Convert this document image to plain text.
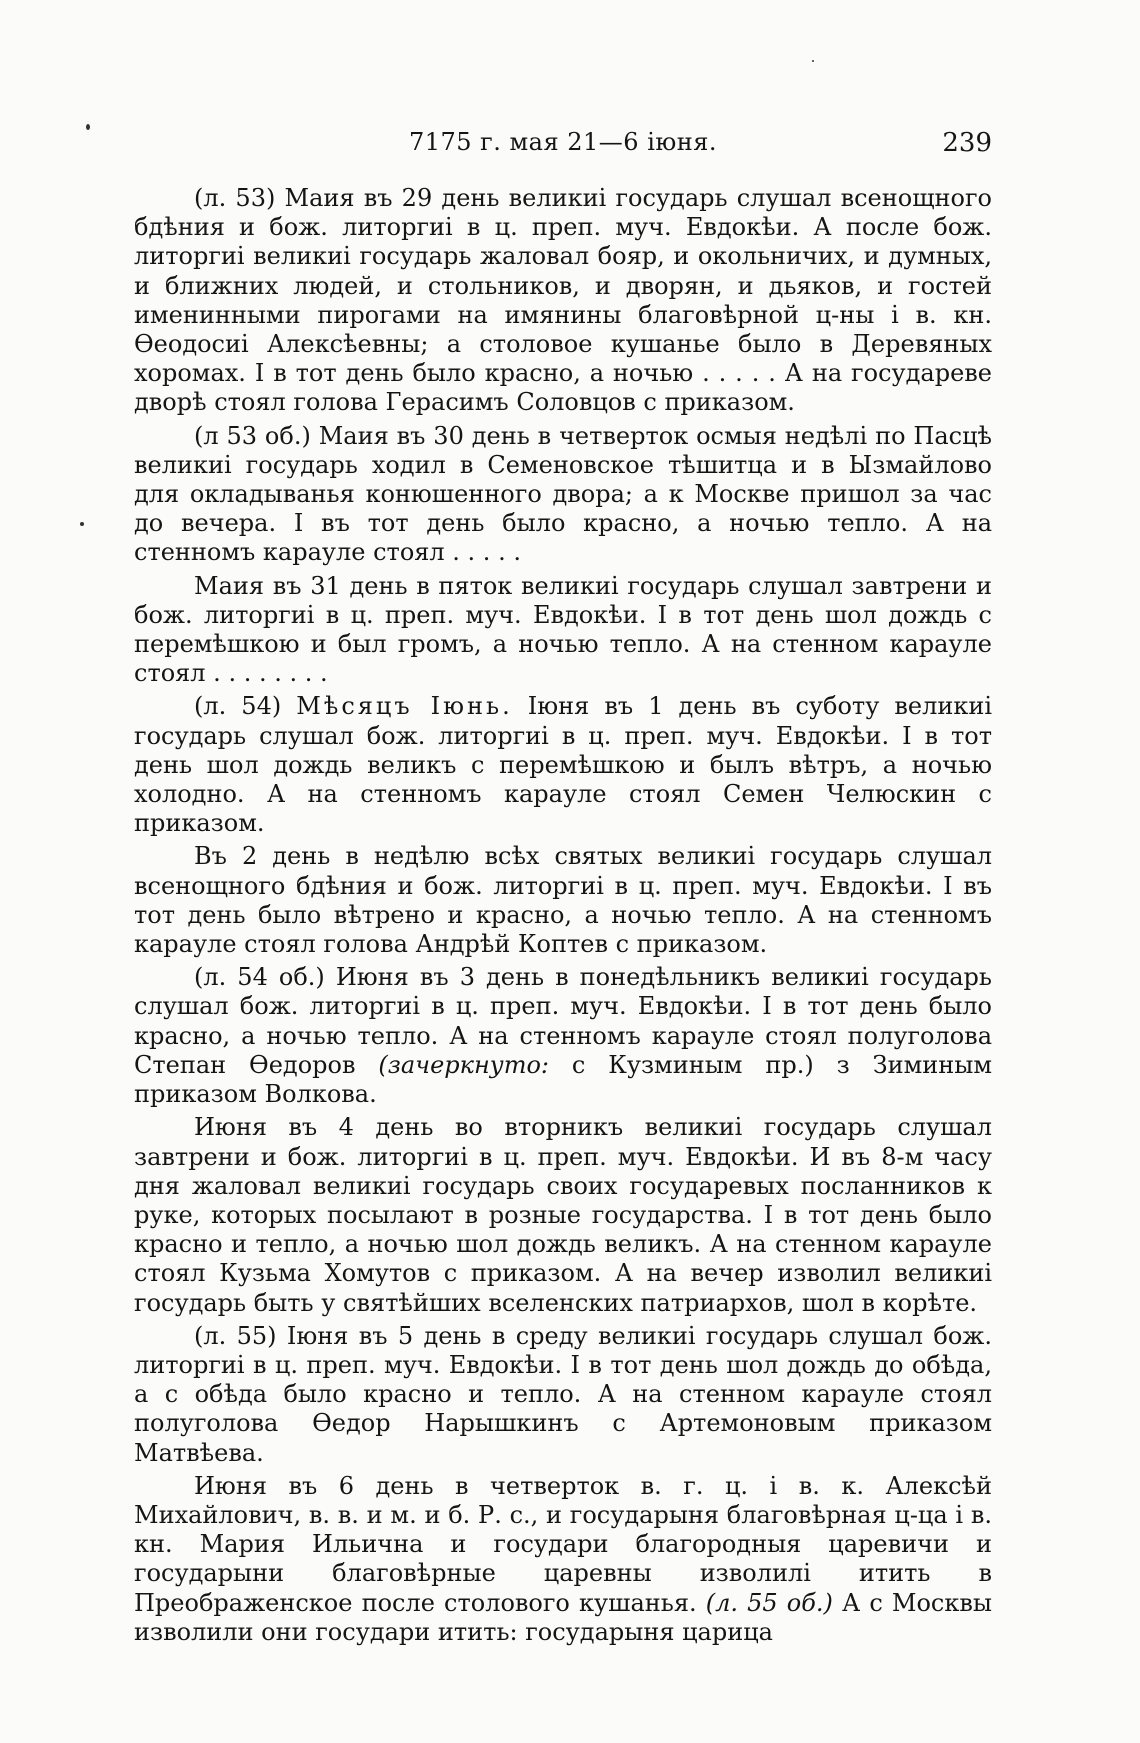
7175 г. мая 21—6 іюня.	239

(л. 53) Маия въ 29 день великиі государь слушал всенощного бдѣния и бож. литоргиі в ц. преп. муч. Евдокѣи. А после бож. литоргиі великиі государь жаловал бояр, и окольничих, и думных, и ближних людей, и стольников, и дворян, и дьяков, и гостей именинными пирогами на имянины благовѣрной ц-ны і в. кн. Ѳеодосиі Алексѣевны; а столовое кушанье было в Деревяных хоромах. І в тот день было красно, а ночью . . . . . А на государеве дворѣ стоял голова Герасимъ Соловцов с приказом.

(л 53 об.) Маия въ 30 день в четверток осмыя недѣлі по Пасцѣ великиі государь ходил в Семеновское тѣшитца и в Ызмайлово для окладыванья конюшенного двора; а к Москве пришол за час до вечера. І въ тот день было красно, а ночью тепло. А на стенномъ карауле стоял . . . . .

Маия въ 31 день в пяток великиі государь слушал завтрени и бож. литоргиі в ц. преп. муч. Евдокѣи. І в тот день шол дождь с перемѣшкою и был громъ, а ночью тепло. А на стенном карауле стоял . . . . . . . .

(л. 54) Мѣсяцъ Іюнь. Іюня въ 1 день въ суботу великиі государь слушал бож. литоргиі в ц. преп. муч. Евдокѣи. І в тот день шол дождь великъ с перемѣшкою и былъ вѣтръ, а ночью холодно. А на стенномъ карауле стоял Семен Челюскин с приказом.

Въ 2 день в недѣлю всѣх святых великиі государь слушал всенощного бдѣния и бож. литоргиі в ц. преп. муч. Евдокѣи. І въ тот день было вѣтрено и красно, а ночью тепло. А на стенномъ карауле стоял голова Андрѣй Коптев с приказом.

(л. 54 об.) Июня въ 3 день в понедѣльникъ великиі государь слушал бож. литоргиі в ц. преп. муч. Евдокѣи. І в тот день было красно, а ночью тепло. А на стенномъ карауле стоял полуголова Степан Ѳедоров (зачеркнуто: с Кузминым пр.) з Зиминым приказом Волкова.

Июня въ 4 день во вторникъ великиі государь слушал завтрени и бож. литоргиі в ц. преп. муч. Евдокѣи. И въ 8-м часу дня жаловал великиі государь своих государевых посланников к руке, которых посылают в розные государства. І в тот день было красно и тепло, а ночью шол дождь великъ. А на стенном карауле стоял Кузьма Хомутов с приказом. А на вечер изволил великиі государь быть у святѣйших вселенских патриархов, шол в корѣте.

(л. 55) Іюня въ 5 день в среду великиі государь слушал бож. литоргиі в ц. преп. муч. Евдокѣи. І в тот день шол дождь до обѣда, а с обѣда было красно и тепло. А на стенном карауле стоял полуголова Ѳедор Нарышкинъ с Артемоновым приказом Матвѣева.

Июня въ 6 день в четверток в. г. ц. і в. к. Алексѣй Михайлович, в. в. и м. и б. Р. с., и государыня благовѣрная ц-ца і в. кн. Мария Ильична и государи благородныя царевичи и государыни благовѣрные царевны изволилі итить в Преображенское после столового кушанья. (л. 55 об.) А с Москвы изволили они государи итить: государыня царица
